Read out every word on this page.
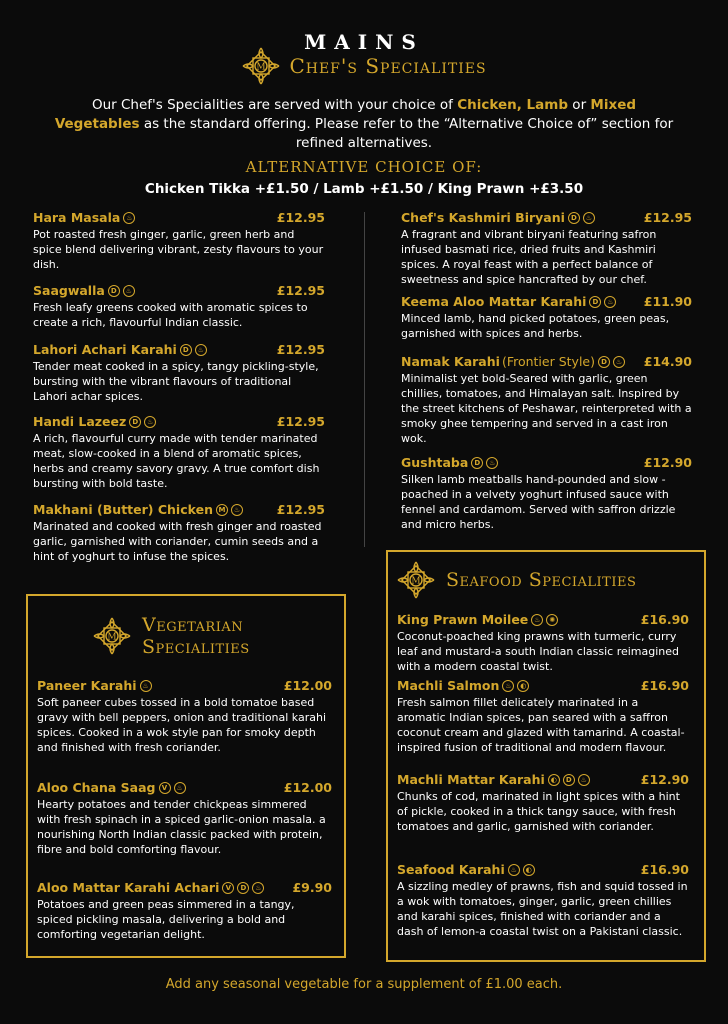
MAINS
M Chef's Specialities
Our Chef's Specialities are served with your choice of Chicken, Lamb or Mixed Vegetables as the standard offering. Please refer to the “Alternative Choice of” section for refined alternatives.
ALTERNATIVE CHOICE OF:
Chicken Tikka +£1.50 / Lamb +£1.50 / King Prawn +£3.50
Hara Masala ♨	£12.95
Pot roasted fresh ginger, garlic, green herb and spice blend delivering vibrant, zesty flavours to your dish.
Saagwalla D	♨	£12.95
Fresh leafy greens cooked with aromatic spices to create a rich, flavourful Indian classic.
Lahori Achari Karahi D	♨	£12.95
Tender meat cooked in a spicy, tangy pickling-style, bursting with the vibrant flavours of traditional Lahori achar spices.
Handi Lazeez D	♨	£12.95
A rich, flavourful curry made with tender marinated meat, slow-cooked in a blend of aromatic spices, herbs and creamy savory gravy. A true comfort dish bursting with bold taste.
Makhani (Butter) Chicken M	♨	£12.95
Marinated and cooked with fresh ginger and roasted garlic, garnished with coriander, cumin seeds and a hint of yoghurt to infuse the spices.
Chef's Kashmiri Biryani D	♨	£12.95
A fragrant and vibrant biryani featuring safron infused basmati rice, dried fruits and Kashmiri spices. A royal feast with a perfect balance of sweetness and spice hancrafted by our chef.
Keema Aloo Mattar Karahi D	♨ £11.90
Minced lamb, hand picked potatoes, green peas, garnished with spices and herbs.
Namak Karahi (Frontier Style) D	♨ £14.90
Minimalist yet bold-Seared with garlic, green chillies, tomatoes, and Himalayan salt. Inspired by the street kitchens of Peshawar, reinterpreted with a smoky ghee tempering and served in a cast iron wok.
Gushtaba D	♨	£12.90
Silken lamb meatballs hand-pounded and slow - poached in a velvety yoghurt infused sauce with fennel and cardamom. Served with saffron drizzle and micro herbs.
M
Vegetarian
Specialities
Paneer Karahi ♨	£12.00
Soft paneer cubes tossed in a bold tomatoe based gravy with bell peppers, onion and traditional karahi spices. Cooked in a wok style pan for smoky depth and finished with fresh coriander.
Aloo Chana Saag V	♨	£12.00
Hearty potatoes and tender chickpeas simmered with fresh spinach in a spiced garlic-onion masala. a nourishing North Indian classic packed with protein, fibre and bold comforting flavour.
Aloo Mattar Karahi Achari V	D	♨ £9.90
Potatoes and green peas simmered in a tangy, spiced pickling masala, delivering a bold and comforting vegetarian delight.
M Seafood Specialities
King Prawn Moilee ♨	✺	£16.90
Coconut-poached king prawns with turmeric, curry leaf and mustard-a south Indian classic reimagined with a modern coastal twist.
Machli Salmon ♨	◐	£16.90
Fresh salmon fillet delicately marinated in a aromatic Indian spices, pan seared with a saffron coconut cream and glazed with tamarind. A coastal-inspired fusion of traditional and modern flavour.
Machli Mattar Karahi ◐	D	♨	£12.90
Chunks of cod, marinated in light spices with a hint of pickle, cooked in a thick tangy sauce, with fresh tomatoes and garlic, garnished with coriander.
Seafood Karahi ♨	◐	£16.90
A sizzling medley of prawns, fish and squid tossed in a wok with tomatoes, ginger, garlic, green chillies and karahi spices, finished with coriander and a dash of lemon-a coastal twist on a Pakistani classic.
Add any seasonal vegetable for a supplement of £1.00 each.
